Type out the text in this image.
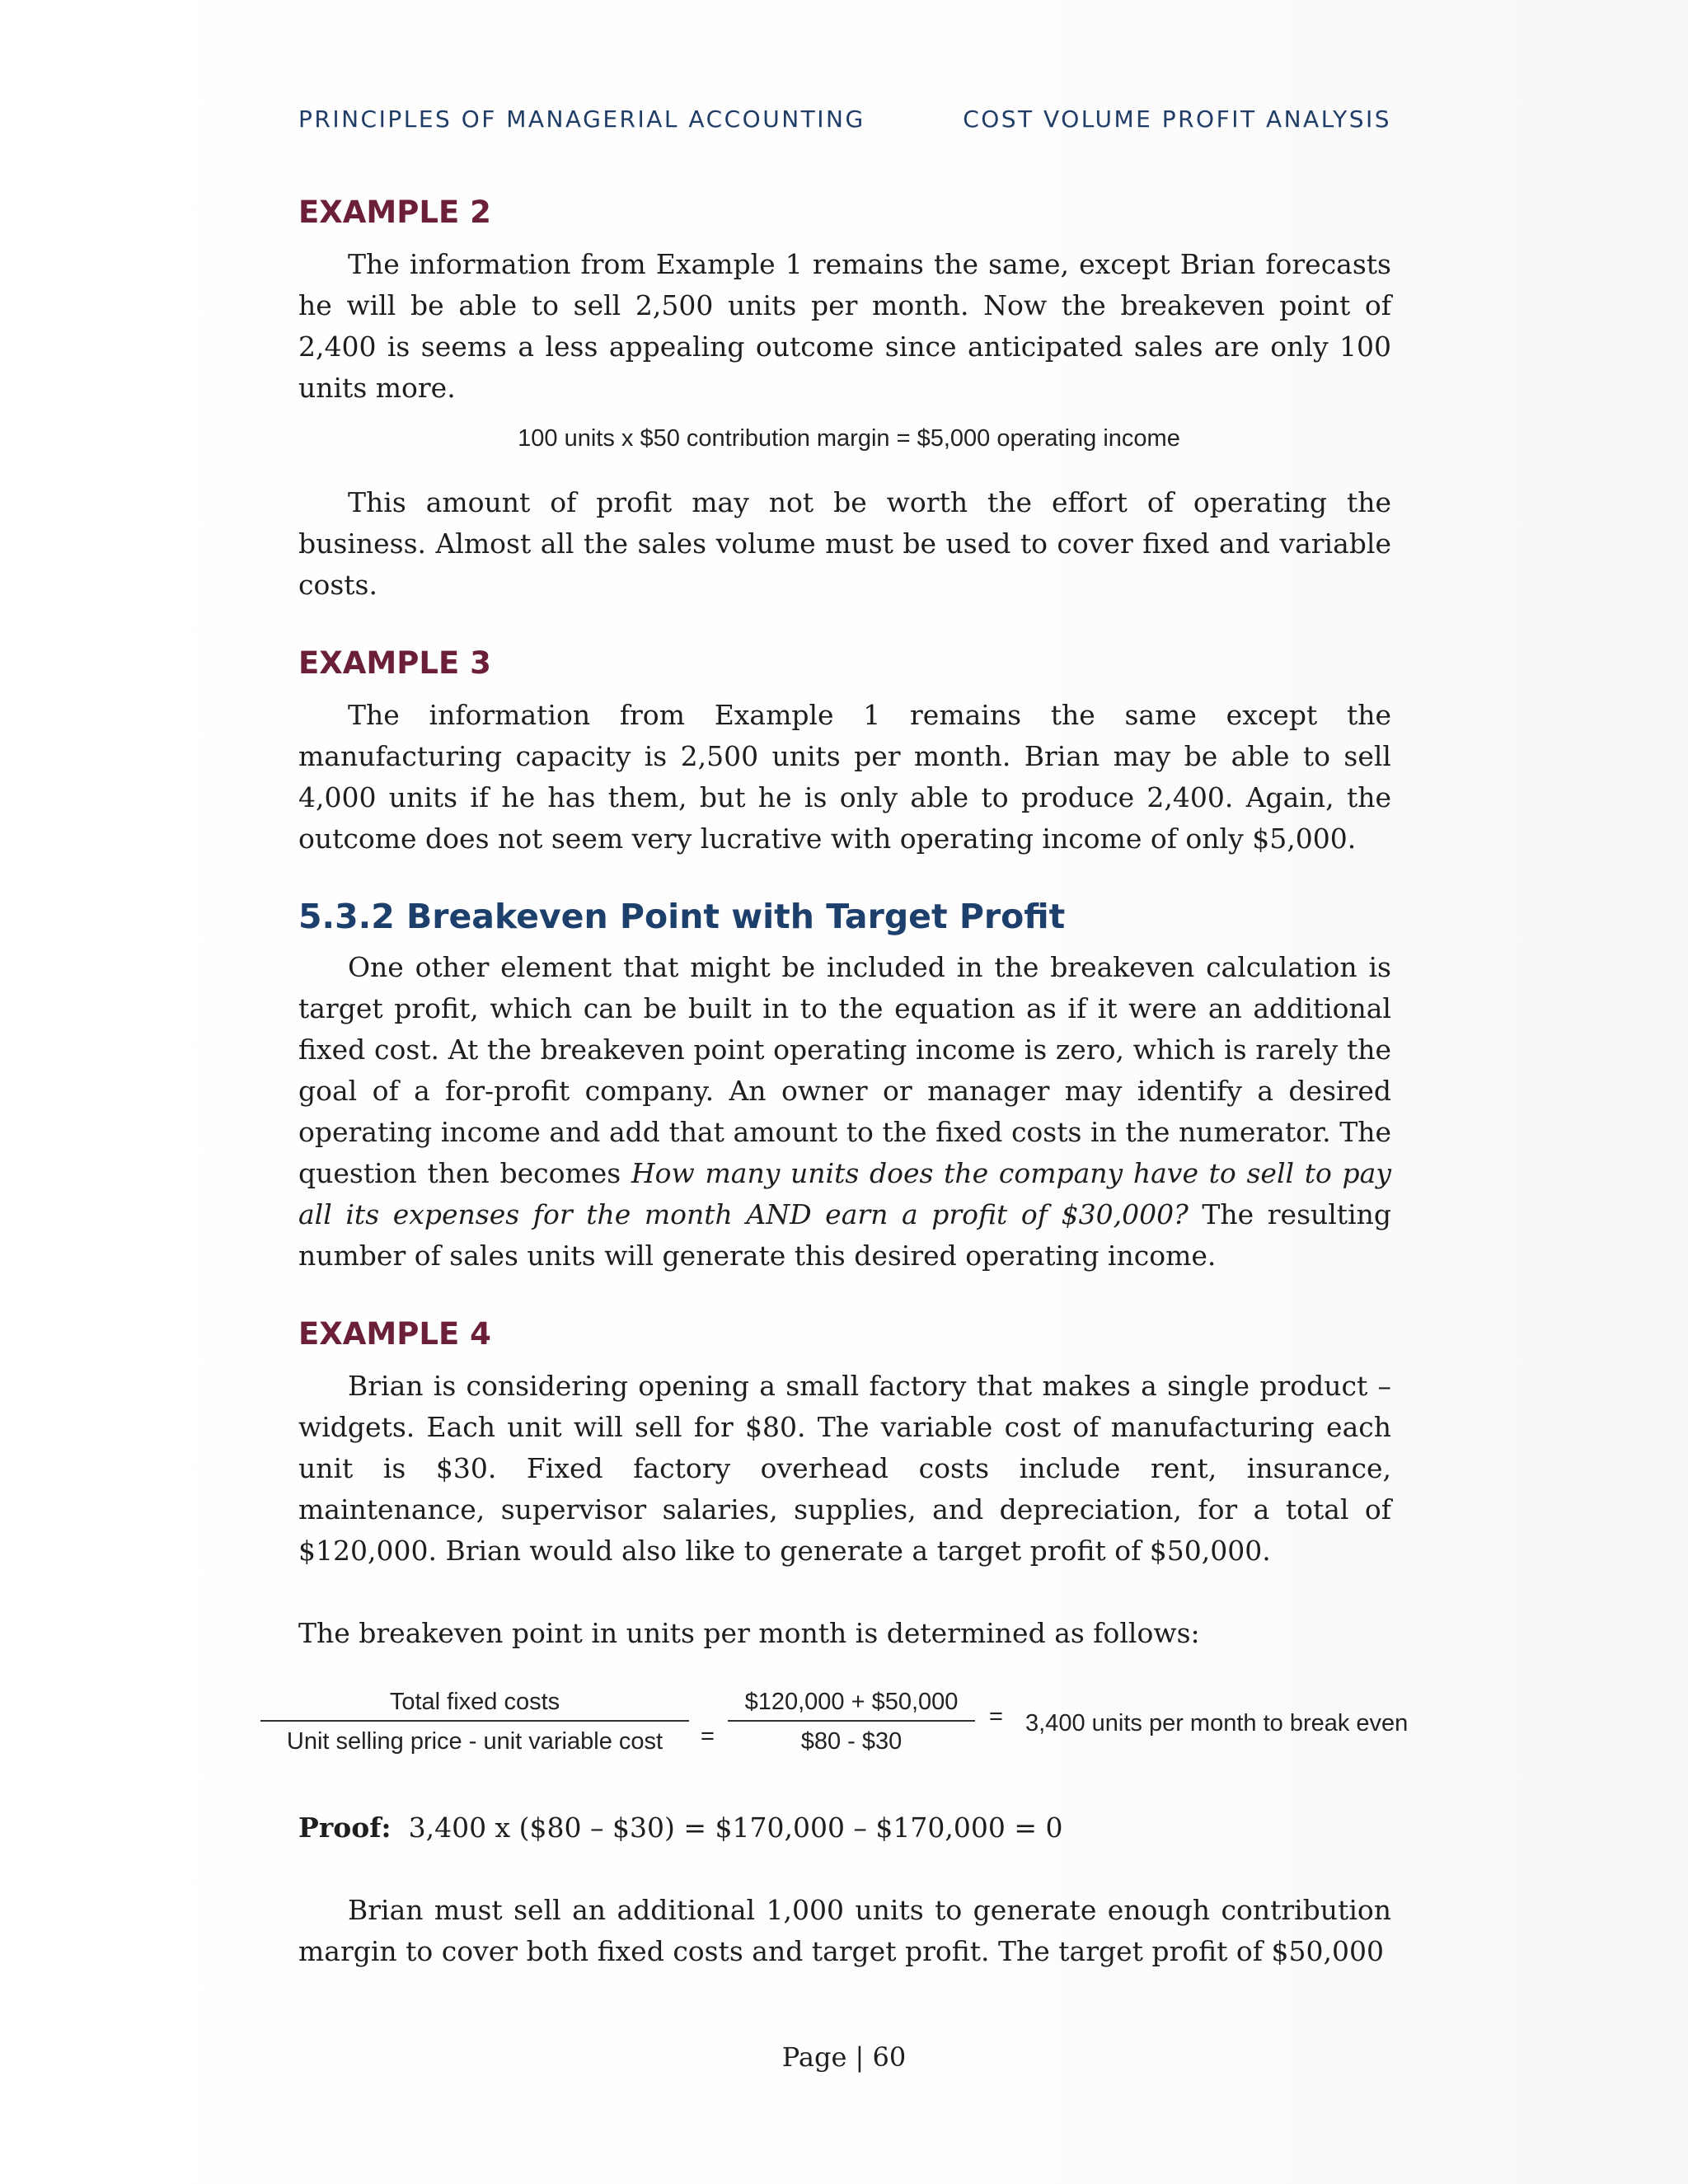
PRINCIPLES OF MANAGERIAL ACCOUNTING	COST VOLUME PROFIT ANALYSIS
EXAMPLE 2

The information from Example 1 remains the same, except Brian forecasts he will be able to sell 2,500 units per month. Now the breakeven point of 2,400 is seems a less appealing outcome since anticipated sales are only 100 units more.

100 units x $50 contribution margin = $5,000 operating income

This amount of profit may not be worth the effort of operating the business. Almost all the sales volume must be used to cover fixed and variable costs.

EXAMPLE 3

The information from Example 1 remains the same except the manufacturing capacity is 2,500 units per month. Brian may be able to sell 4,000 units if he has them, but he is only able to produce 2,400. Again, the outcome does not seem very lucrative with operating income of only $5,000.

5.3.2 Breakeven Point with Target Profit

One other element that might be included in the breakeven calculation is target profit, which can be built in to the equation as if it were an additional fixed cost. At the breakeven point operating income is zero, which is rarely the goal of a for-profit company. An owner or manager may identify a desired operating income and add that amount to the fixed costs in the numerator. The question then becomes How many units does the company have to sell to pay all its expenses for the month AND earn a profit of $30,000? The resulting number of sales units will generate this desired operating income.

EXAMPLE 4

Brian is considering opening a small factory that makes a single product – widgets. Each unit will sell for $80. The variable cost of manufacturing each unit is $30. Fixed factory overhead costs include rent, insurance, maintenance, supervisor salaries, supplies, and depreciation, for a total of $120,000. Brian would also like to generate a target profit of $50,000.

The breakeven point in units per month is determined as follows:

Total fixed costs
Unit selling price - unit variable cost	= $\frac{\$120,000 + \$50,000}{\$80 - \$30} = 3,400$ units per month to break even

Proof: 3,400 x ($80 – $30) = $170,000 – $170,000 = 0

Brian must sell an additional 1,000 units to generate enough contribution margin to cover both fixed costs and target profit. The target profit of $50,000

Page | 60
